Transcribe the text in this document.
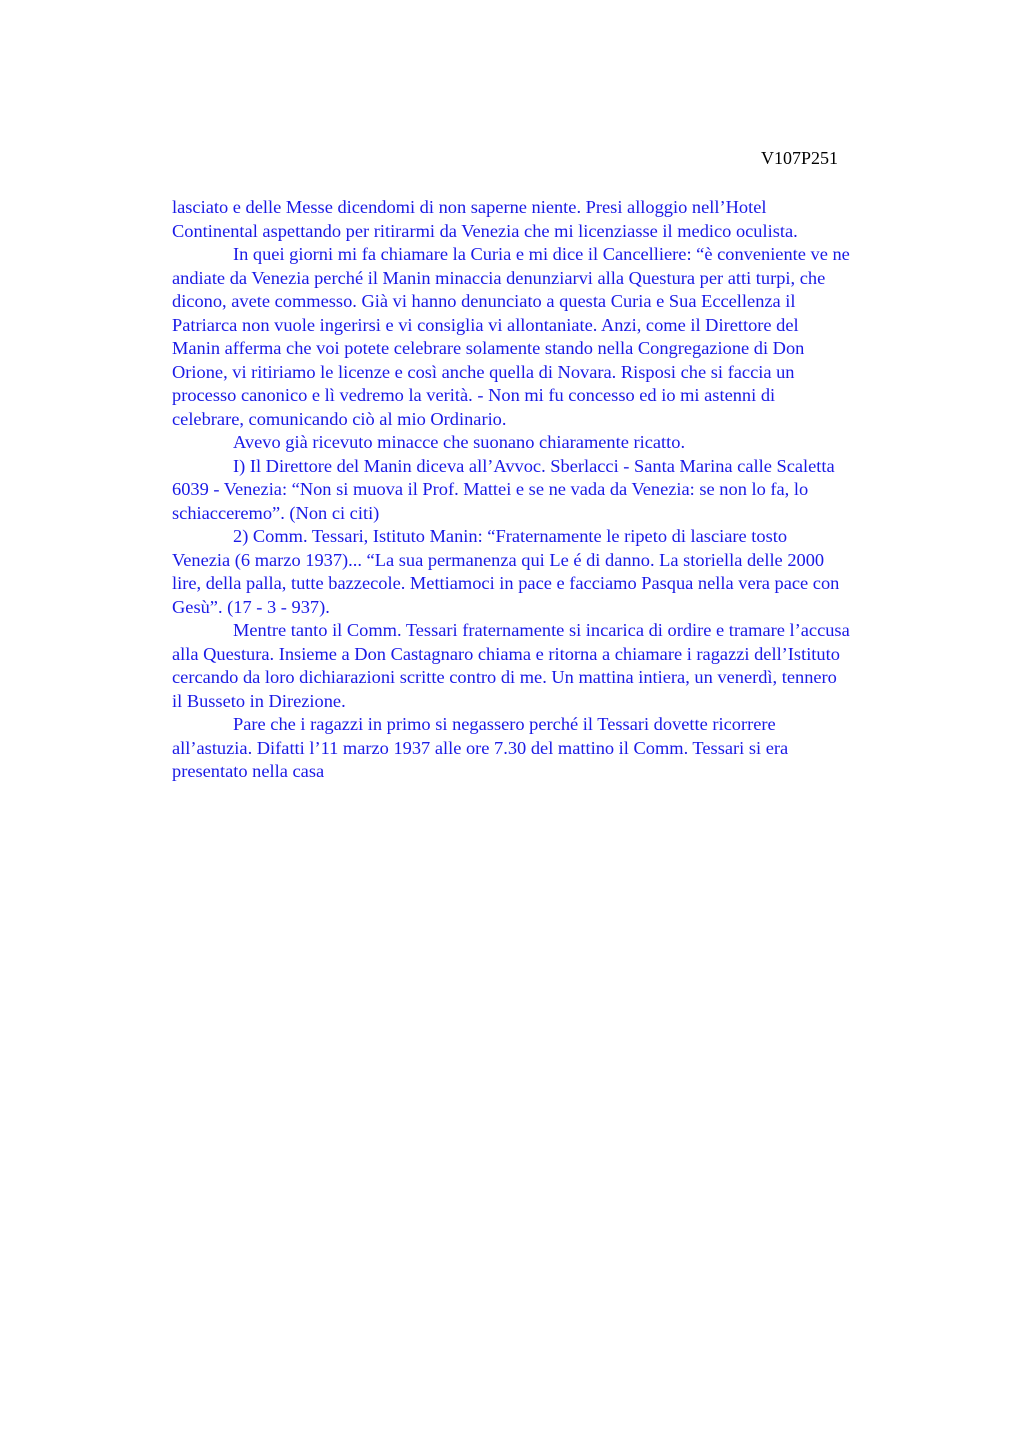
V107P251

lasciato e delle Messe dicendomi di non saperne niente. Presi alloggio nell’Hotel

Continental aspettando per ritirarmi da Venezia che mi licenziasse il medico oculista.

In quei giorni mi fa chiamare la Curia e mi dice il Cancelliere: “è conveniente ve ne

andiate da Venezia perché il Manin minaccia denunziarvi alla Questura per atti turpi, che

dicono, avete commesso. Già vi hanno denunciato a questa Curia e Sua Eccellenza il

Patriarca non vuole ingerirsi e vi consiglia vi allontaniate. Anzi, come il Direttore del

Manin afferma che voi potete celebrare solamente stando nella Congregazione di Don

Orione, vi ritiriamo le licenze e così anche quella di Novara. Risposi che si faccia un

processo canonico e lì vedremo la verità. - Non mi fu concesso ed io mi astenni di

celebrare, comunicando ciò al mio Ordinario.

Avevo già ricevuto minacce che suonano chiaramente ricatto.

I) Il Direttore del Manin diceva all’Avvoc. Sberlacci - Santa Marina calle Scaletta

6039 - Venezia: “Non si muova il Prof. Mattei e se ne vada da Venezia: se non lo fa, lo

schiacceremo”. (Non ci citi)

2) Comm. Tessari, Istituto Manin: “Fraternamente le ripeto di lasciare tosto

Venezia (6 marzo 1937)... “La sua permanenza qui Le é di danno. La storiella delle 2000

lire, della palla, tutte bazzecole. Mettiamoci in pace e facciamo Pasqua nella vera pace con

Gesù”. (17 - 3 - 937).

Mentre tanto il Comm. Tessari fraternamente si incarica di ordire e tramare l’accusa

alla Questura. Insieme a Don Castagnaro chiama e ritorna a chiamare i ragazzi dell’Istituto

cercando da loro dichiarazioni scritte contro di me. Un mattina intiera, un venerdì, tennero

il Busseto in Direzione.

Pare che i ragazzi in primo si negassero perché il Tessari dovette ricorrere

all’astuzia. Difatti l’11 marzo 1937 alle ore 7.30 del mattino il Comm. Tessari si era

presentato nella casa
